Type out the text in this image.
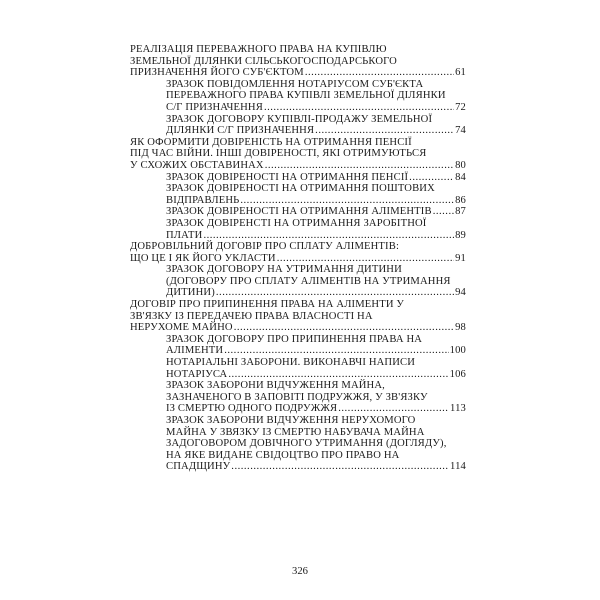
РЕАЛІЗАЦІЯ ПЕРЕВАЖНОГО ПРАВА НА КУПІВЛЮ
ЗЕМЕЛЬНОЇ ДІЛЯНКИ СІЛЬСЬКОГОСПОДАРСЬКОГО
ПРИЗНАЧЕННЯ ЙОГО СУБ'ЄКТОМ .....	61
ЗРАЗОК ПОВІДОМЛЕННЯ НОТАРІУСОМ СУБ'ЄКТА
ПЕРЕВАЖНОГО ПРАВА КУПІВЛІ ЗЕМЕЛЬНОЇ ДІЛЯНКИ
С/Г ПРИЗНАЧЕННЯ .....	72
ЗРАЗОК ДОГОВОРУ КУПІВЛІ-ПРОДАЖУ ЗЕМЕЛЬНОЇ
ДІЛЯНКИ С/Г ПРИЗНАЧЕННЯ .....	74
ЯК ОФОРМИТИ ДОВІРЕНІСТЬ НА ОТРИМАННЯ ПЕНСІЇ
ПІД ЧАС ВІЙНИ. ІНШІ ДОВІРЕНОСТІ, ЯКІ ОТРИМУЮТЬСЯ
У СХОЖИХ ОБСТАВИНАХ .....	80
ЗРАЗОК ДОВІРЕНОСТІ НА ОТРИМАННЯ ПЕНСІЇ .....	84
ЗРАЗОК ДОВІРЕНОСТІ НА ОТРИМАННЯ ПОШТОВИХ
ВІДПРАВЛЕНЬ .....	86
ЗРАЗОК ДОВІРЕНОСТІ НА ОТРИМАННЯ АЛІМЕНТІВ ..... 87
ЗРАЗОК ДОВІРЕНСТІ НА ОТРИМАННЯ ЗАРОБІТНОЇ
ПЛАТИ .....	89
ДОБРОВІЛЬНИЙ ДОГОВІР ПРО СПЛАТУ АЛІМЕНТІВ:
ЩО ЦЕ І ЯК ЙОГО УКЛАСТИ .....	91
ЗРАЗОК ДОГОВОРУ НА УТРИМАННЯ ДИТИНИ
(ДОГОВОРУ ПРО СПЛАТУ АЛІМЕНТІВ НА УТРИМАННЯ
ДИТИНИ) .....	94
ДОГОВІР ПРО ПРИПИНЕННЯ ПРАВА НА АЛІМЕНТИ У
ЗВ'ЯЗКУ ІЗ ПЕРЕДАЧЕЮ ПРАВА ВЛАСНОСТІ НА
НЕРУХОМЕ МАЙНО .....	98
ЗРАЗОК ДОГОВОРУ ПРО ПРИПИНЕННЯ ПРАВА НА
АЛІМЕНТИ .....	100
НОТАРІАЛЬНІ ЗАБОРОНИ. ВИКОНАВЧІ НАПИСИ
НОТАРІУСА .....	106
ЗРАЗОК ЗАБОРОНИ ВІДЧУЖЕННЯ МАЙНА,
ЗАЗНАЧЕНОГО В ЗАПОВІТІ ПОДРУЖЖЯ, У ЗВ'ЯЗКУ
ІЗ СМЕРТЮ ОДНОГО ПОДРУЖЖЯ .....	113
ЗРАЗОК ЗАБОРОНИ ВІДЧУЖЕННЯ НЕРУХОМОГО
МАЙНА У ЗВЯЗКУ ІЗ СМЕРТЮ НАБУВАЧА МАЙНА
ЗАДОГОВОРОМ ДОВІЧНОГО УТРИМАННЯ (ДОГЛЯДУ),
НА ЯКЕ ВИДАНЕ СВІДОЦТВО ПРО ПРАВО НА
СПАДЩИНУ .....	114
326
